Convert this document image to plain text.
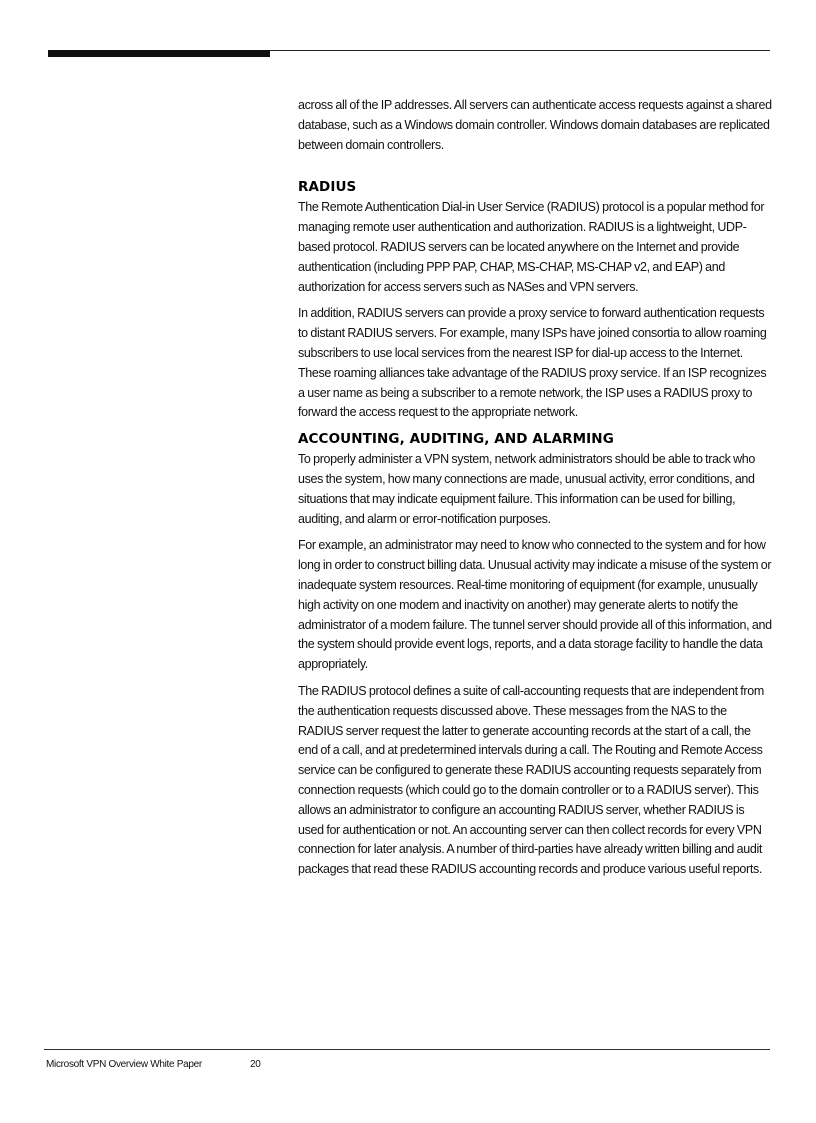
across all of the IP addresses. All servers can authenticate access requests against a shared database, such as a Windows domain controller. Windows domain databases are replicated between domain controllers.

RADIUS

The Remote Authentication Dial-in User Service (RADIUS) protocol is a popular method for managing remote user authentication and authorization. RADIUS is a lightweight, UDP-based protocol. RADIUS servers can be located anywhere on the Internet and provide authentication (including PPP PAP, CHAP, MS-CHAP, MS-CHAP v2, and EAP) and authorization for access servers such as NASes and VPN servers.

In addition, RADIUS servers can provide a proxy service to forward authentication requests to distant RADIUS servers. For example, many ISPs have joined consortia to allow roaming subscribers to use local services from the nearest ISP for dial-up access to the Internet. These roaming alliances take advantage of the RADIUS proxy service. If an ISP recognizes a user name as being a subscriber to a remote network, the ISP uses a RADIUS proxy to forward the access request to the appropriate network.

ACCOUNTING, AUDITING, AND ALARMING

To properly administer a VPN system, network administrators should be able to track who uses the system, how many connections are made, unusual activity, error conditions, and situations that may indicate equipment failure. This information can be used for billing, auditing, and alarm or error-notification purposes.

For example, an administrator may need to know who connected to the system and for how long in order to construct billing data. Unusual activity may indicate a misuse of the system or inadequate system resources. Real-time monitoring of equipment (for example, unusually high activity on one modem and inactivity on another) may generate alerts to notify the administrator of a modem failure. The tunnel server should provide all of this information, and the system should provide event logs, reports, and a data storage facility to handle the data appropriately.

The RADIUS protocol defines a suite of call-accounting requests that are independent from the authentication requests discussed above. These messages from the NAS to the RADIUS server request the latter to generate accounting records at the start of a call, the end of a call, and at predetermined intervals during a call. The Routing and Remote Access service can be configured to generate these RADIUS accounting requests separately from connection requests (which could go to the domain controller or to a RADIUS server). This allows an administrator to configure an accounting RADIUS server, whether RADIUS is used for authentication or not. An accounting server can then collect records for every VPN connection for later analysis. A number of third-parties have already written billing and audit packages that read these RADIUS accounting records and produce various useful reports.

Microsoft VPN Overview White Paper	20
